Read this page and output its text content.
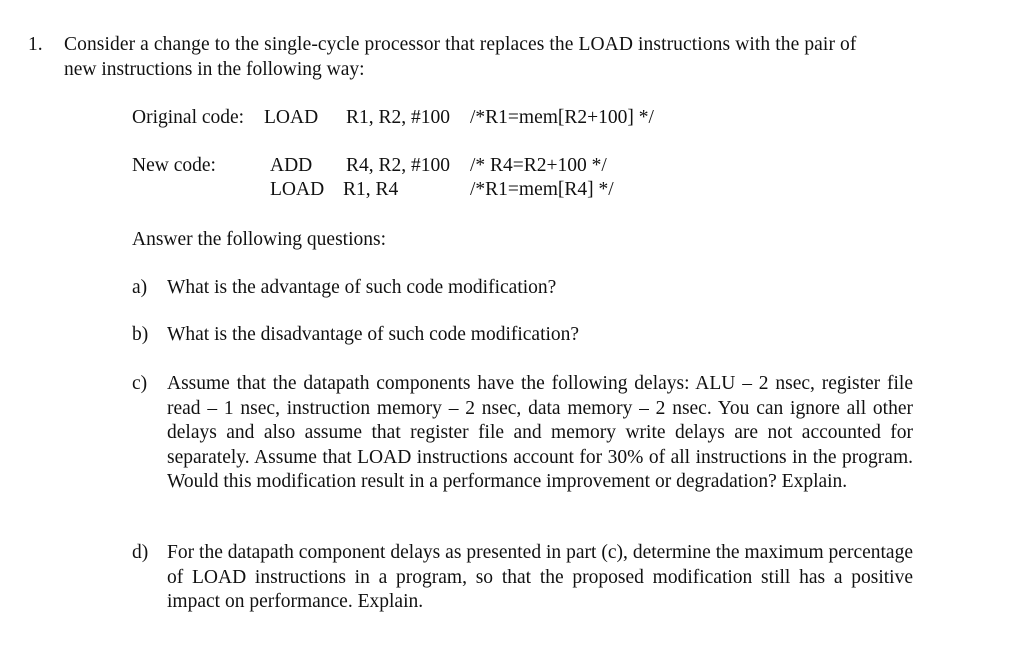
1. Consider a change to the single-cycle processor that replaces the LOAD instructions with the pair of
new instructions in the following way:
Original code: LOAD R1, R2, #100 /*R1=mem[R2+100] */
New code:	ADD R4, R2, #100 /* R4=R2+100 */
LOAD R1, R4	/*R1=mem[R4] */
Answer the following questions:
a) What is the advantage of such code modification?
b) What is the disadvantage of such code modification?
c) Assume that the datapath components have the following delays: ALU – 2 nsec, register file read – 1 nsec, instruction memory – 2 nsec, data memory – 2 nsec. You can ignore all other delays and also assume that register file and memory write delays are not accounted for separately. Assume that LOAD instructions account for 30% of all instructions in the program. Would this modification result in a performance improvement or degradation? Explain.
d) For the datapath component delays as presented in part (c), determine the maximum percentage of LOAD instructions in a program, so that the proposed modification still has a positive impact on performance. Explain.
